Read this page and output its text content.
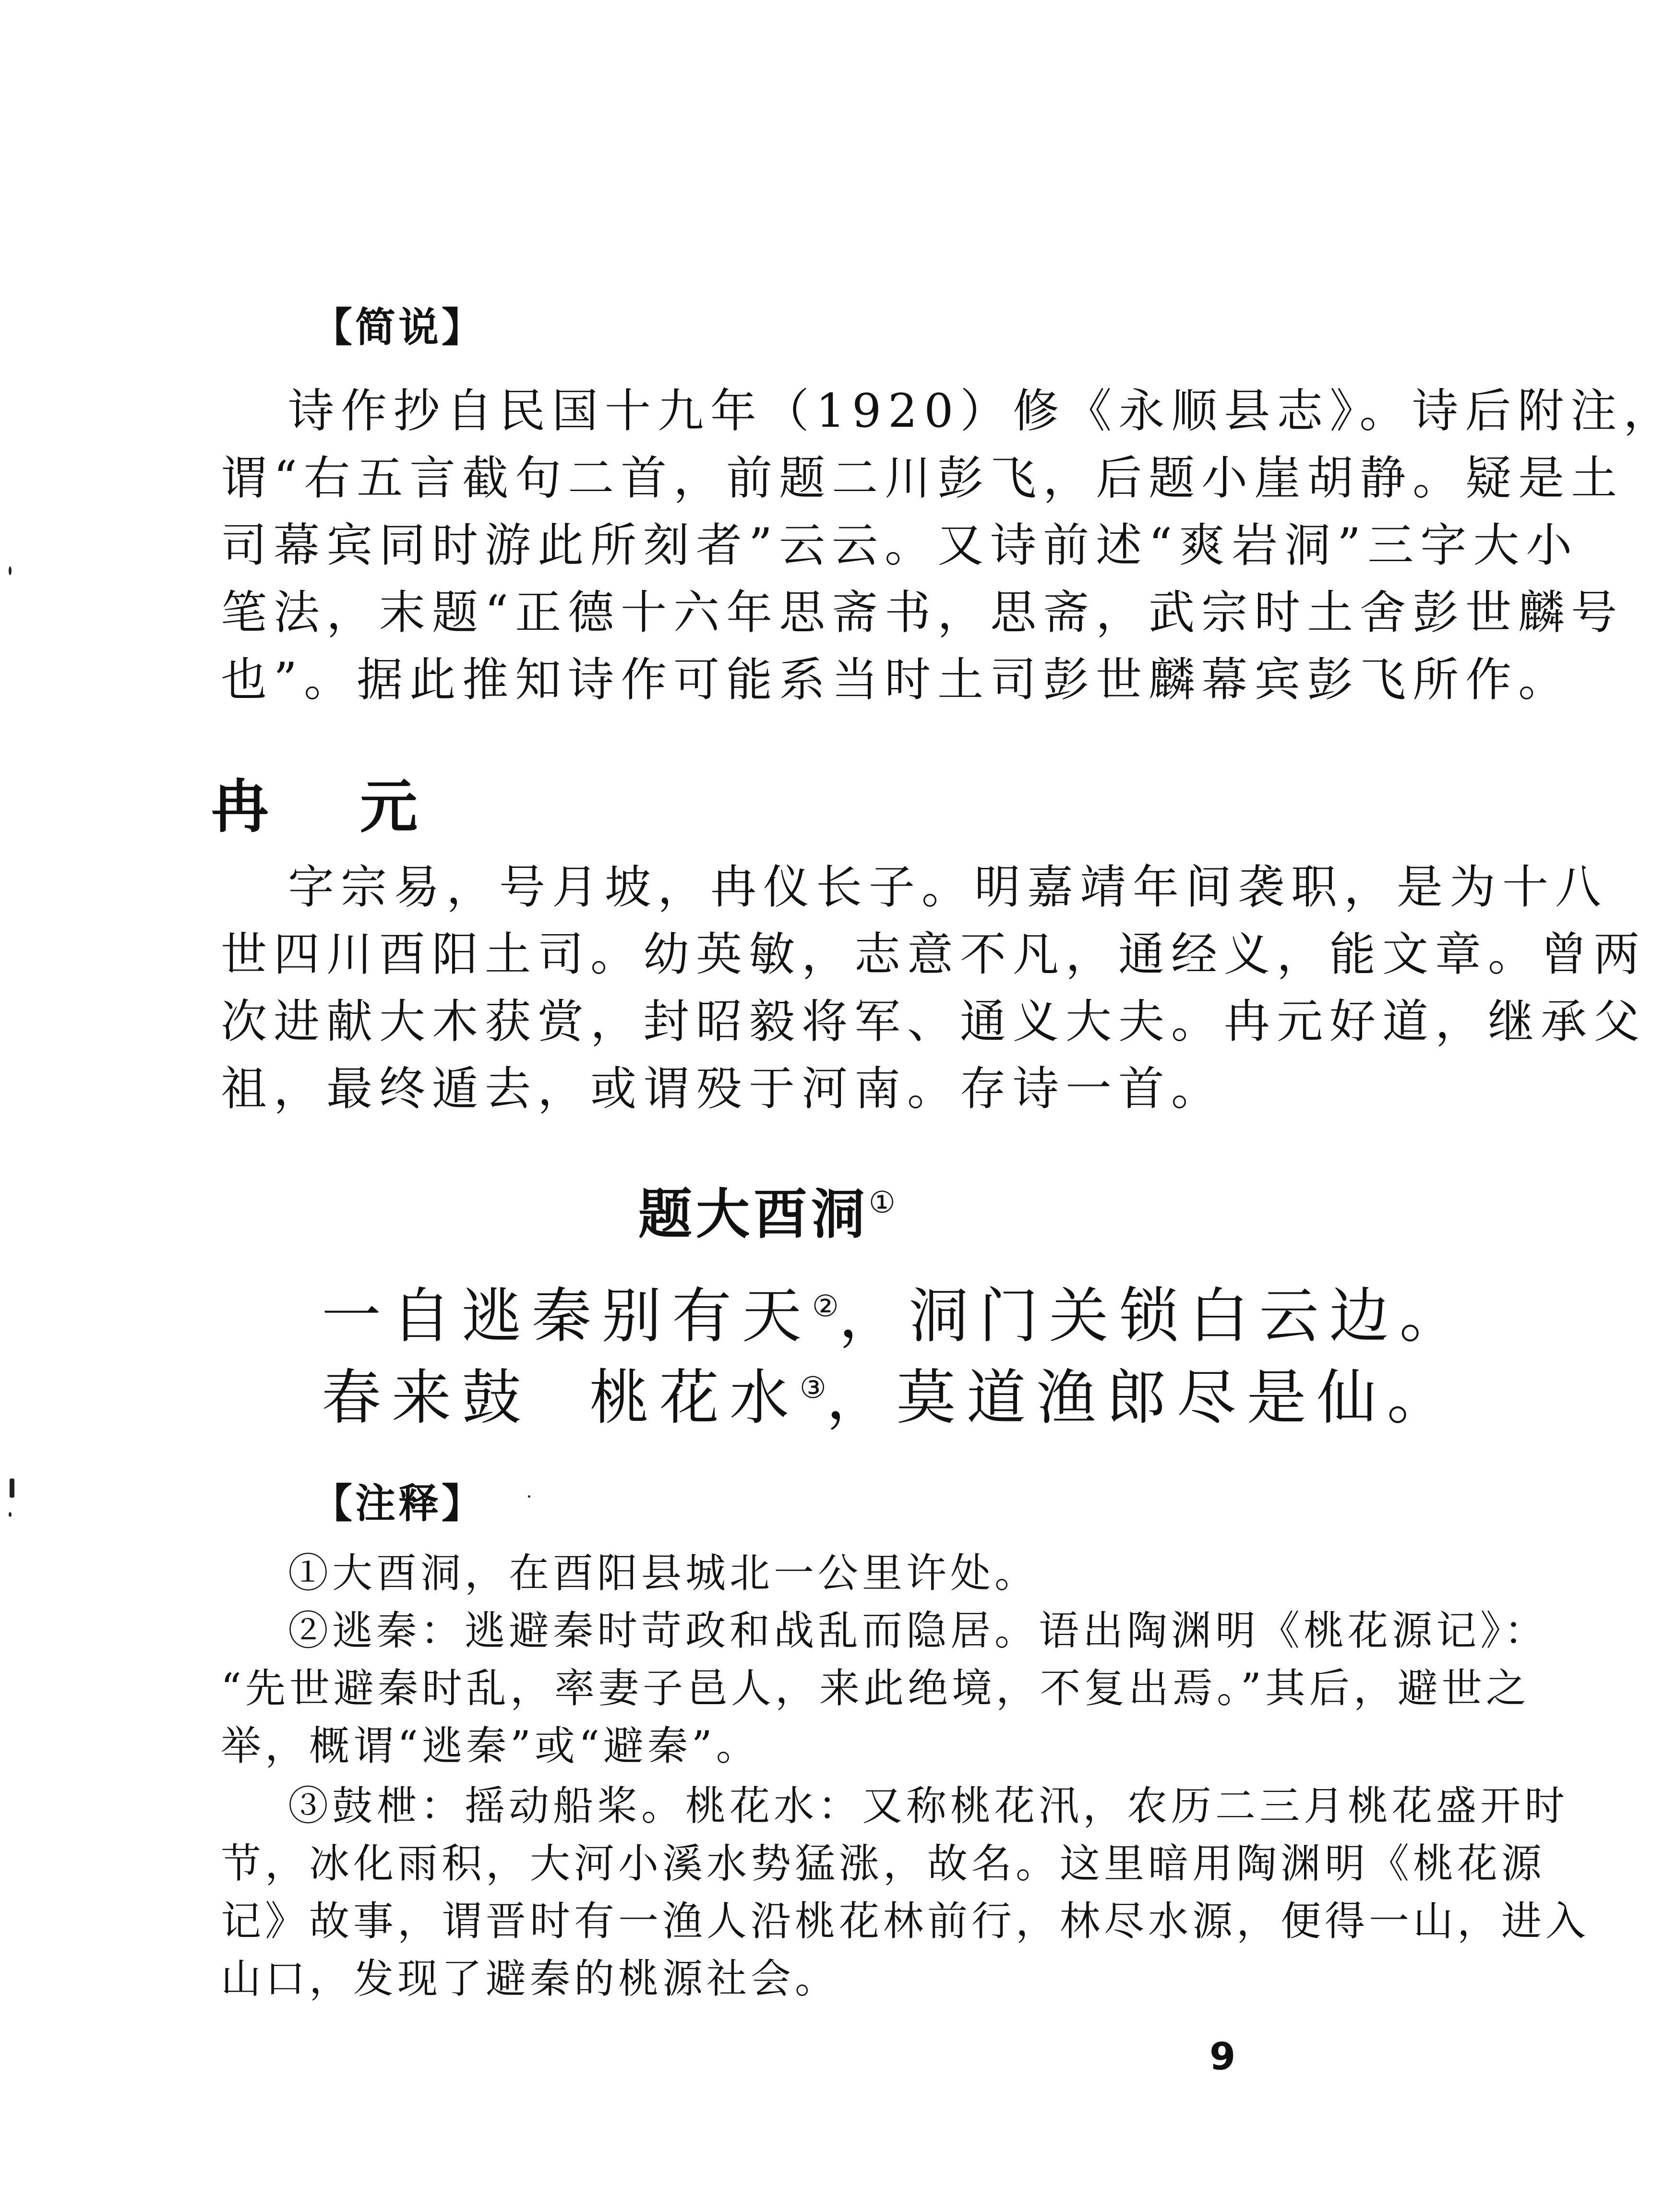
【简说】
诗作抄自民国十九年（1920）修《永顺县志》。诗后附注，
谓“右五言截句二首，前题二川彭飞，后题小崖胡静。疑是土
司幕宾同时游此所刻者”云云。又诗前述“爽岩洞”三字大小
笔法，末题“正德十六年思斋书，思斋，武宗时土舍彭世麟号
也”。据此推知诗作可能系当时土司彭世麟幕宾彭飞所作。
冉元
字宗易，号月坡，冉仪长子。明嘉靖年间袭职，是为十八
世四川酉阳土司。幼英敏，志意不凡，通经义，能文章。曾两
次进献大木获赏，封昭毅将军、通义大夫。冉元好道，继承父
祖，最终遁去，或谓殁于河南。存诗一首。
题大酉洞①
一自逃秦别有天②，洞门关锁白云边。
春来鼓 桃花水③，莫道渔郎尽是仙。
【注释】
①大酉洞，在酉阳县城北一公里许处。
②逃秦：逃避秦时苛政和战乱而隐居。语出陶渊明《桃花源记》：
“先世避秦时乱，率妻子邑人，来此绝境，不复出焉。”其后，避世之
举，概谓“逃秦”或“避秦”。
③鼓枻：摇动船桨。桃花水：又称桃花汛，农历二三月桃花盛开时
节，冰化雨积，大河小溪水势猛涨，故名。这里暗用陶渊明《桃花源
记》故事，谓晋时有一渔人沿桃花林前行，林尽水源，便得一山，进入
山口，发现了避秦的桃源社会。
9
